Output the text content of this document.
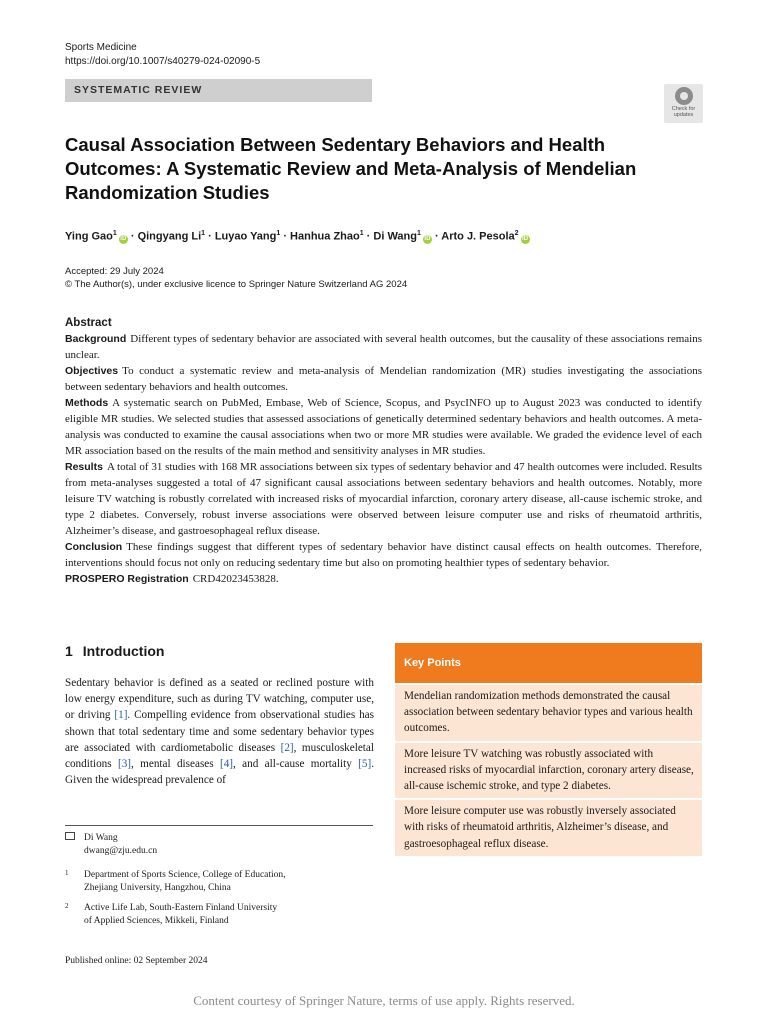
Sports Medicine
https://doi.org/10.1007/s40279-024-02090-5
SYSTEMATIC REVIEW
Check for
updates
Causal Association Between Sedentary Behaviors and Health Outcomes: A Systematic Review and Meta-Analysis of Mendelian Randomization Studies
Ying Gao$^1$iD · Qingyang $Li^1$ · Luyao Yang$^1$ · Hanhua Zhao$^1$ · Di Wang$^1$iD · Arto J. Pesola$^2$iD
Accepted: 29 July 2024
© The Author(s), under exclusive licence to Springer Nature Switzerland AG 2024
Abstract

Background Different types of sedentary behavior are associated with several health outcomes, but the causality of these associations remains unclear.

Objectives To conduct a systematic review and meta-analysis of Mendelian randomization (MR) studies investigating the associations between sedentary behaviors and health outcomes.

Methods A systematic search on PubMed, Embase, Web of Science, Scopus, and PsycINFO up to August 2023 was conducted to identify eligible MR studies. We selected studies that assessed associations of genetically determined sedentary behaviors and health outcomes. A meta-analysis was conducted to examine the causal associations when two or more MR studies were available. We graded the evidence level of each MR association based on the results of the main method and sensitivity analyses in MR studies.

Results A total of 31 studies with 168 MR associations between six types of sedentary behavior and 47 health outcomes were included. Results from meta-analyses suggested a total of 47 significant causal associations between sedentary behaviors and health outcomes. Notably, more leisure TV watching is robustly correlated with increased risks of myocardial infarction, coronary artery disease, all-cause ischemic stroke, and type 2 diabetes. Conversely, robust inverse associations were observed between leisure computer use and risks of rheumatoid arthritis, Alzheimer’s disease, and gastroesophageal reflux disease.

Conclusion These findings suggest that different types of sedentary behavior have distinct causal effects on health outcomes. Therefore, interventions should focus not only on reducing sedentary time but also on promoting healthier types of sedentary behavior.

PROSPERO Registration CRD42023453828.

1 Introduction

Sedentary behavior is defined as a seated or reclined posture with low energy expenditure, such as during TV watching, computer use, or driving [1]. Compelling evidence from observational studies has shown that total sedentary time and some sedentary behavior types are associated with cardiometabolic diseases [2], musculoskeletal conditions [3], mental diseases [4], and all-cause mortality [5]. Given the widespread prevalence of

Key Points
Mendelian randomization methods demonstrated the causal association between sedentary behavior types and various health outcomes.
More leisure TV watching was robustly associated with increased risks of myocardial infarction, coronary artery disease, all-cause ischemic stroke, and type 2 diabetes.
More leisure computer use was robustly inversely associated with risks of rheumatoid arthritis, Alzheimer’s disease, and gastroesophageal reflux disease.
Di Wang
dwang@zju.edu.cn
1 Department of Sports Science, College of Education,
Zhejiang University, Hangzhou, China
2 Active Life Lab, South-Eastern Finland University
of Applied Sciences, Mikkeli, Finland
Published online: 02 September 2024
Content courtesy of Springer Nature, terms of use apply. Rights reserved.
